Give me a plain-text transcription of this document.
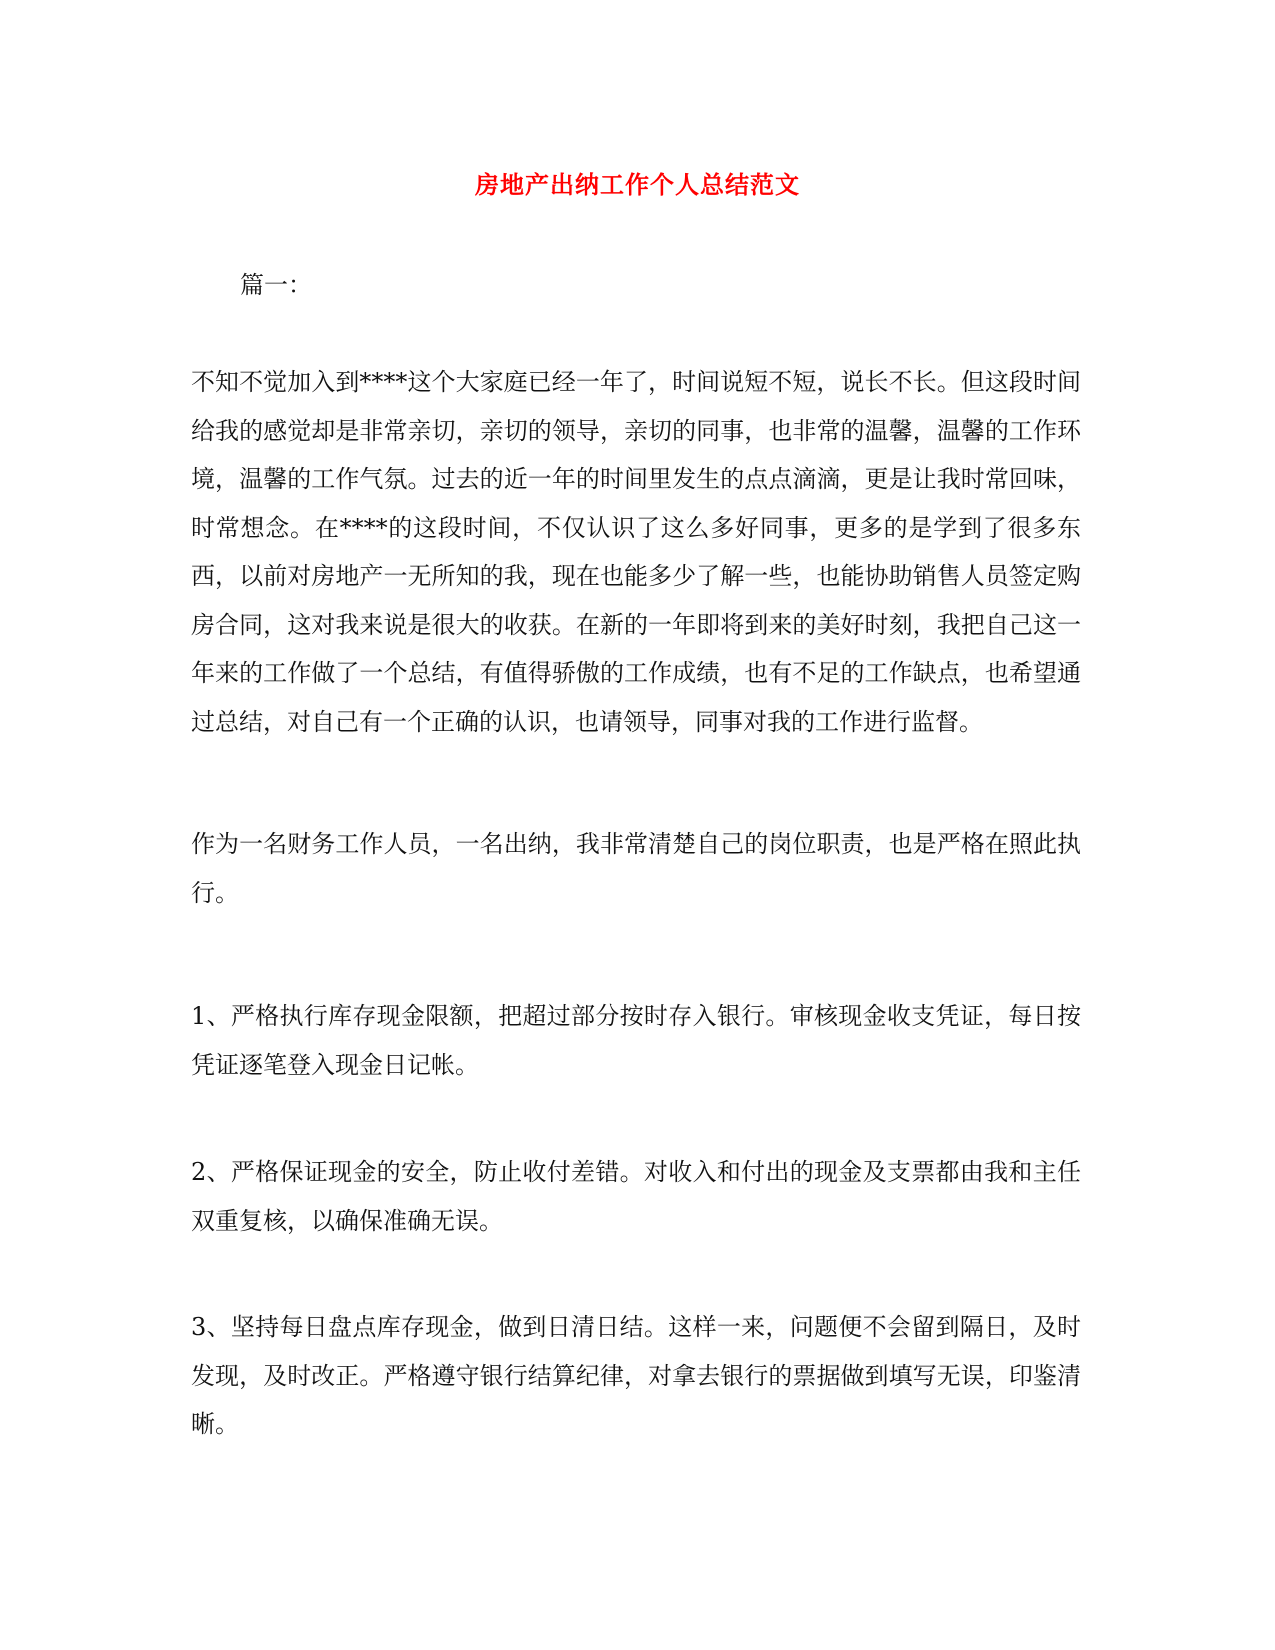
房地产出纳工作个人总结范文
篇一：

不知不觉加入到****这个大家庭已经一年了，时间说短不短，说长不长。但这段时间给我的感觉却是非常亲切，亲切的领导，亲切的同事，也非常的温馨，温馨的工作环境，温馨的工作气氛。过去的近一年的时间里发生的点点滴滴，更是让我时常回味，时常想念。在****的这段时间，不仅认识了这么多好同事，更多的是学到了很多东西，以前对房地产一无所知的我，现在也能多少了解一些，也能协助销售人员签定购房合同，这对我来说是很大的收获。在新的一年即将到来的美好时刻，我把自己这一年来的工作做了一个总结，有值得骄傲的工作成绩，也有不足的工作缺点，也希望通过总结，对自己有一个正确的认识，也请领导，同事对我的工作进行监督。

作为一名财务工作人员，一名出纳，我非常清楚自己的岗位职责，也是严格在照此执行。

1、严格执行库存现金限额，把超过部分按时存入银行。审核现金收支凭证，每日按凭证逐笔登入现金日记帐。

2、严格保证现金的安全，防止收付差错。对收入和付出的现金及支票都由我和主任双重复核，以确保准确无误。

3、坚持每日盘点库存现金，做到日清日结。这样一来，问题便不会留到隔日，及时发现，及时改正。严格遵守银行结算纪律，对拿去银行的票据做到填写无误，印鉴清晰。
